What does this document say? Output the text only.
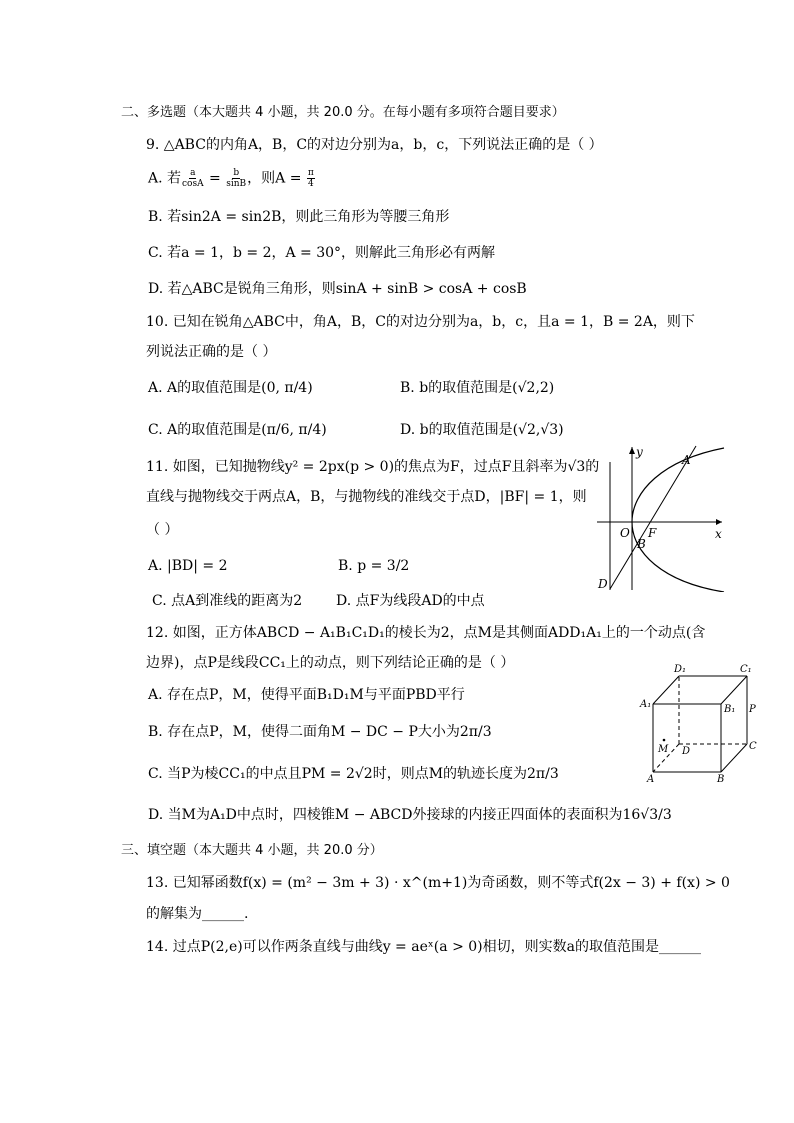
二、多选题（本大题共 4 小题，共 20.0 分。在每小题有多项符合题目要求）
9. △ABC的内角A，B，C的对边分别为a，b，c，下列说法正确的是（ ）
A. 若 $\frac{a}{\cos A} = \frac{b}{\sin B}$ ，则$A = \frac{\pi}{4}$
B. 若sin2A = sin2B，则此三角形为等腰三角形
C. 若a = 1，b = 2，A = 30°，则解此三角形必有两解
D. 若△ABC是锐角三角形，则sinA + sinB > cosA + cosB
10. 已知在锐角△ABC中，角A，B，C的对边分别为a，b，c，且a = 1，B = 2A，则下
列说法正确的是（ ）
A. A的取值范围是(0, π/4)	B. b的取值范围是(√2,2)
C. A的取值范围是(π/6, π/4)	D. b的取值范围是(√2,√3)
11. 如图，已知抛物线y² = 2px(p > 0)的焦点为F，过点F且斜率为√3的
直线与抛物线交于两点A，B，与抛物线的准线交于点D，|BF| = 1，则
（ ）
A. |BD| = 2	B. p = 3/2
C. 点A到准线的距离为2 D. 点F为线段AD的中点
y
x
O F
A
B
D
12. 如图，正方体ABCD − A₁B₁C₁D₁的棱长为2，点M是其侧面ADD₁A₁上的一个动点(含
边界)，点P是线段CC₁上的动点，则下列结论正确的是（ ）
A. 存在点P，M，使得平面B₁D₁M与平面PBD平行
B. 存在点P，M，使得二面角M − DC − P大小为2π/3
C. 当P为棱CC₁的中点且PM = 2√2时，则点M的轨迹长度为2π/3
D. 当M为A₁D中点时，四棱锥M − ABCD外接球的内接正四面体的表面积为16√3/3
D₁	C₁
A₁	B₁ P
M D	C
A	B
三、填空题（本大题共 4 小题，共 20.0 分）
13. 已知幂函数f(x) = (m² − 3m + 3) · x^(m+1)为奇函数，则不等式f(2x − 3) + f(x) > 0
的解集为______.
14. 过点P(2,e)可以作两条直线与曲线y = aeˣ(a > 0)相切，则实数a的取值范围是______
